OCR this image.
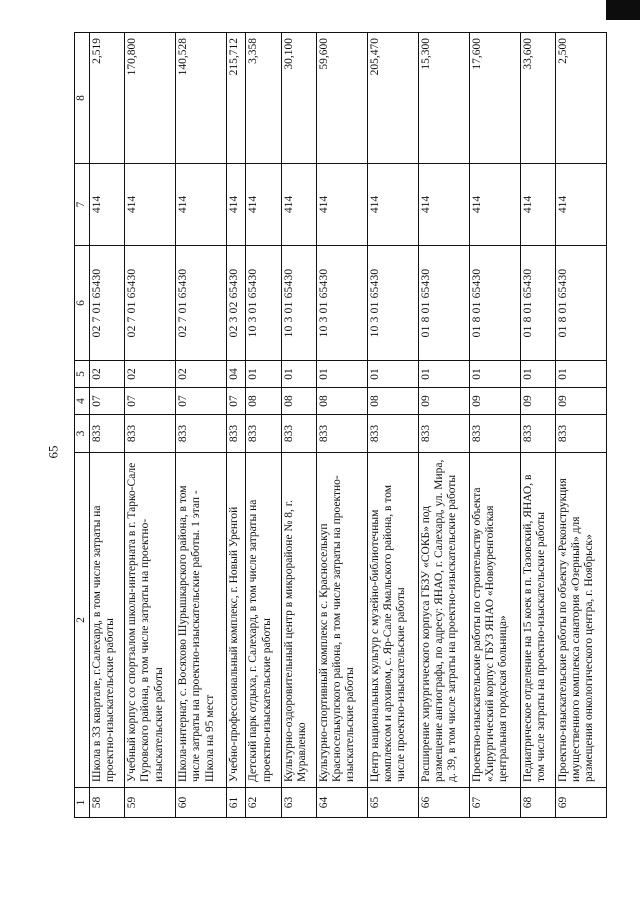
65
1	2	3	4	5	6	7	8
58	Школа в 33 квартале, г.Салехард, в том числе затраты на проектно-изыскательские работы	833	07	02	02 7 01 65430	414	2,519

59	Учебный корпус со спортзалом школы-интерната в г. Тарко-Сале Пуровского района, в том числе затраты на проектно-изыскательские работы	833	07	02	02 7 01 65430	414	170,800

60	Школа-интернат, с. Восяхово Шурышкарского района, в том числе затраты на проектно-изыскательские работы. 1 этап - Школа на 95 мест	833	07	02	02 7 01 65430	414	140,528

61	Учебно-профессиональный комплекс, г. Новый Уренгой	833	07	04	02 3 02 65430	414	215,712

62	Детский парк отдыха, г. Салехард, в том числе затраты на проектно-изыскательские работы	833	08	01	10 3 01 65430	414	3,358

63	Культурно-оздоровительный центр в микрорайоне № 8, г. Муравленко	833	08	01	10 3 01 65430	414	30,100

64	Культурно-спортивный комплекс в с. Красноселькуп Красноселькупского района, в том числе затраты на проектно-изыскательские работы	833	08	01	10 3 01 65430	414	59,600

65	Центр национальных культур с музейно-библиотечным комплексом и архивом, с. Яр-Сале Ямальского района, в том числе проектно-изыскательские работы	833	08	01	10 3 01 65430	414	205,470

66	Расширение хирургического корпуса ГБЗУ «СОКБ» под размещение ангиографа, по адресу: ЯНАО, г. Салехард, ул. Мира, д. 39, в том числе затраты на проектно-изыскательские работы	833	09	01	01 8 01 65430	414	15,300

67	Проектно-изыскательские работы по строительству объекта «Хирургический корпус ГБУЗ ЯНАО «Новоуренгойская центральная городская больница»	833	09	01	01 8 01 65430	414	17,600

68	Педиатрическое отделение на 15 коек в п. Тазовский, ЯНАО, в том числе затраты на проектно-изыскательские работы	833	09	01	01 8 01 65430	414	33,600

69	Проектно-изыскательские работы по объекту «Реконструкция имущественного комплекса санатория «Озерный» для размещения онкологического центра, г. Ноябрьск»	833	09	01	01 8 01 65430	414	2,500
